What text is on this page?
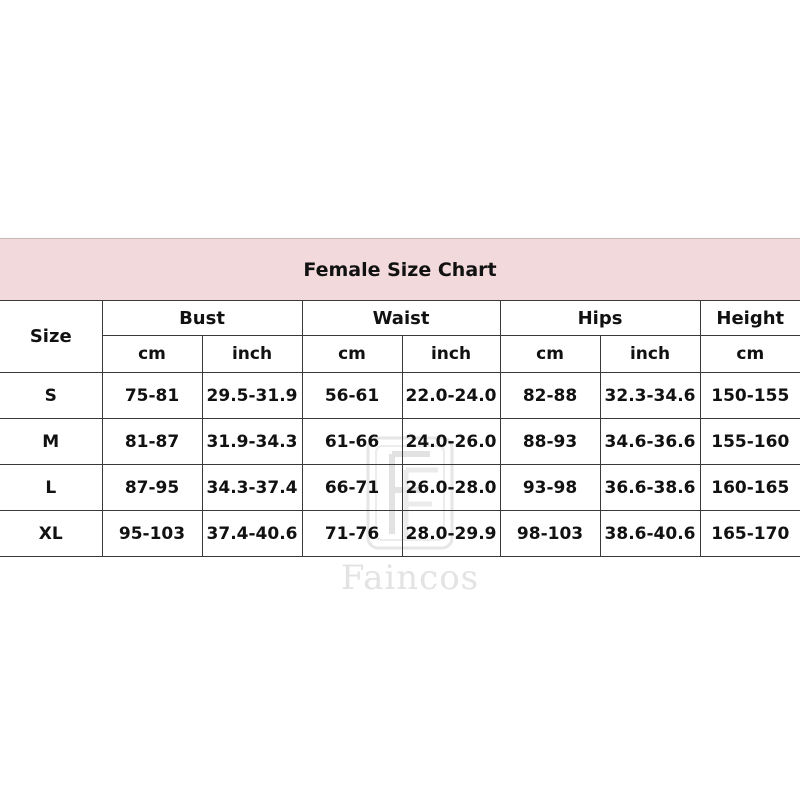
Female Size Chart
Faincos
Size	Bust		Waist		Hips		Height
	cm	inch	cm	inch	cm	inch	cm
S	75-81	29.5-31.9	56-61	22.0-24.0	82-88	32.3-34.6	150-155
M	81-87	31.9-34.3	61-66	24.0-26.0	88-93	34.6-36.6	155-160
L	87-95	34.3-37.4	66-71	26.0-28.0	93-98	36.6-38.6	160-165
XL	95-103	37.4-40.6	71-76	28.0-29.9	98-103	38.6-40.6	165-170
